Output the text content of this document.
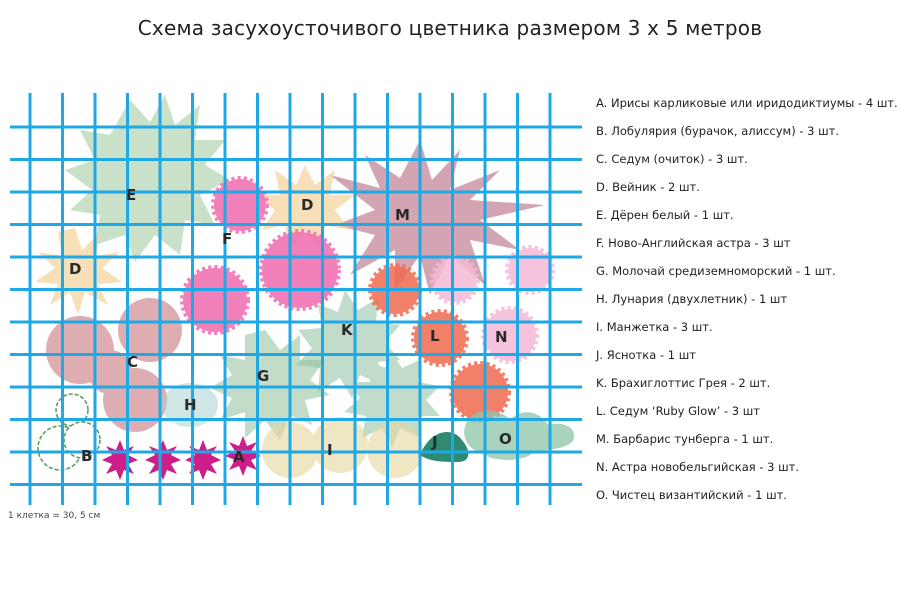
Схема засухоусточивого цветника размером 3 х 5 метров
E
D
D
F
M
K	L	N
C
G
H
I	J	O
B	A
A. Ирисы карликовые или иридодиктиумы - 4 шт.
B. Лобулярия (бурачок, алиссум) - 3 шт.
C. Седум (очиток) - 3 шт.
D. Вейник - 2 шт.
E. Дёрен белый - 1 шт.
F. Ново-Английская астра - 3 шт
G. Молочай средиземноморский - 1 шт.
H. Лунария (двухлетник) - 1 шт
I. Манжетка - 3 шт.
J. Яснотка - 1 шт
K. Брахиглоттис Грея - 2 шт.
L. Седум ‘Ruby Glow’ - 3 шт
M. Барбарис тунберга - 1 шт.
N. Астра новобельгийская - 3 шт.
O. Чистец византийский - 1 шт.
1 клетка = 30, 5 см
